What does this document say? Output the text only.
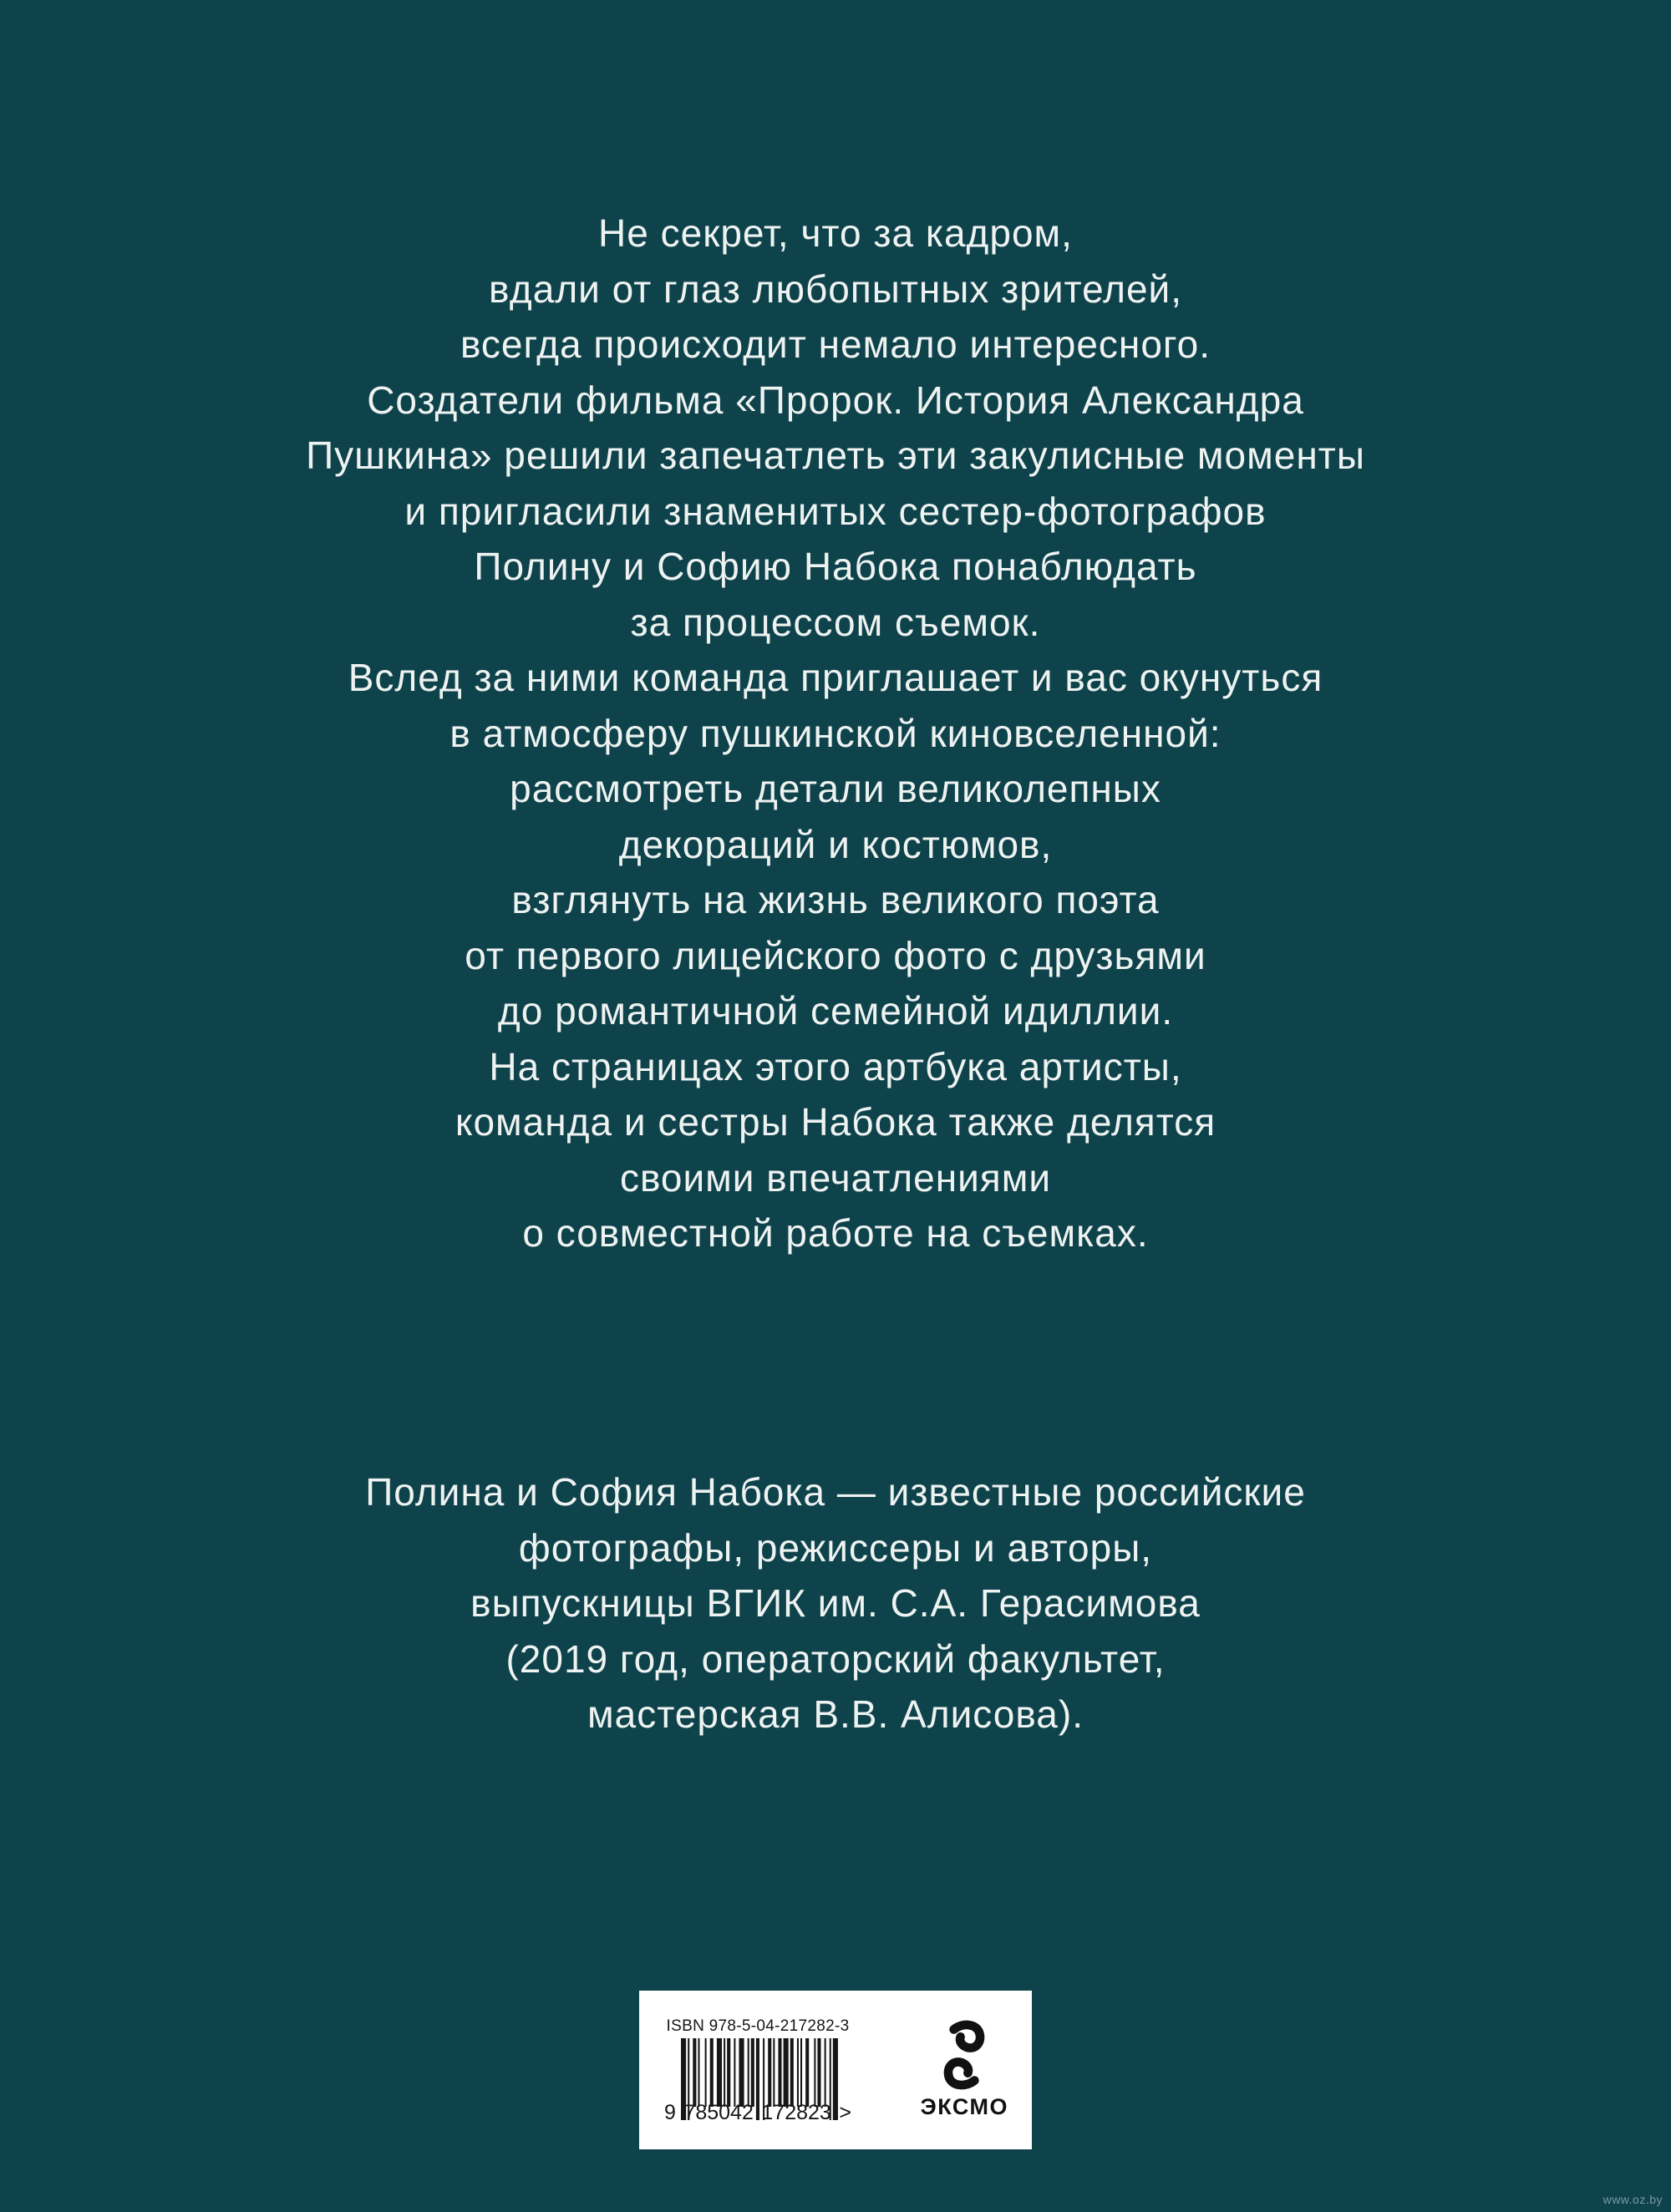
Не секрет, что за кадром,
вдали от глаз любопытных зрителей,
всегда происходит немало интересного.
Создатели фильма «Пророк. История Александра
Пушкина» решили запечатлеть эти закулисные моменты
и пригласили знаменитых сестер-фотографов
Полину и Софию Набока понаблюдать
за процессом съемок.
Вслед за ними команда приглашает и вас окунуться
в атмосферу пушкинской киновселенной:
рассмотреть детали великолепных
декораций и костюмов,
взглянуть на жизнь великого поэта
от первого лицейского фото с друзьями
до романтичной семейной идиллии.
На страницах этого артбука артисты,
команда и сестры Набока также делятся
своими впечатлениями
о совместной работе на съемках.
Полина и София Набока — известные российские
фотографы, режиссеры и авторы,
выпускницы ВГИК им. С.А. Герасимова
(2019 год, операторский факультет,
мастерская В.В. Алисова).
ISBN 978-5-04-217282-3
9 785042 172823 >	ЭКСМО
www.oz.by
